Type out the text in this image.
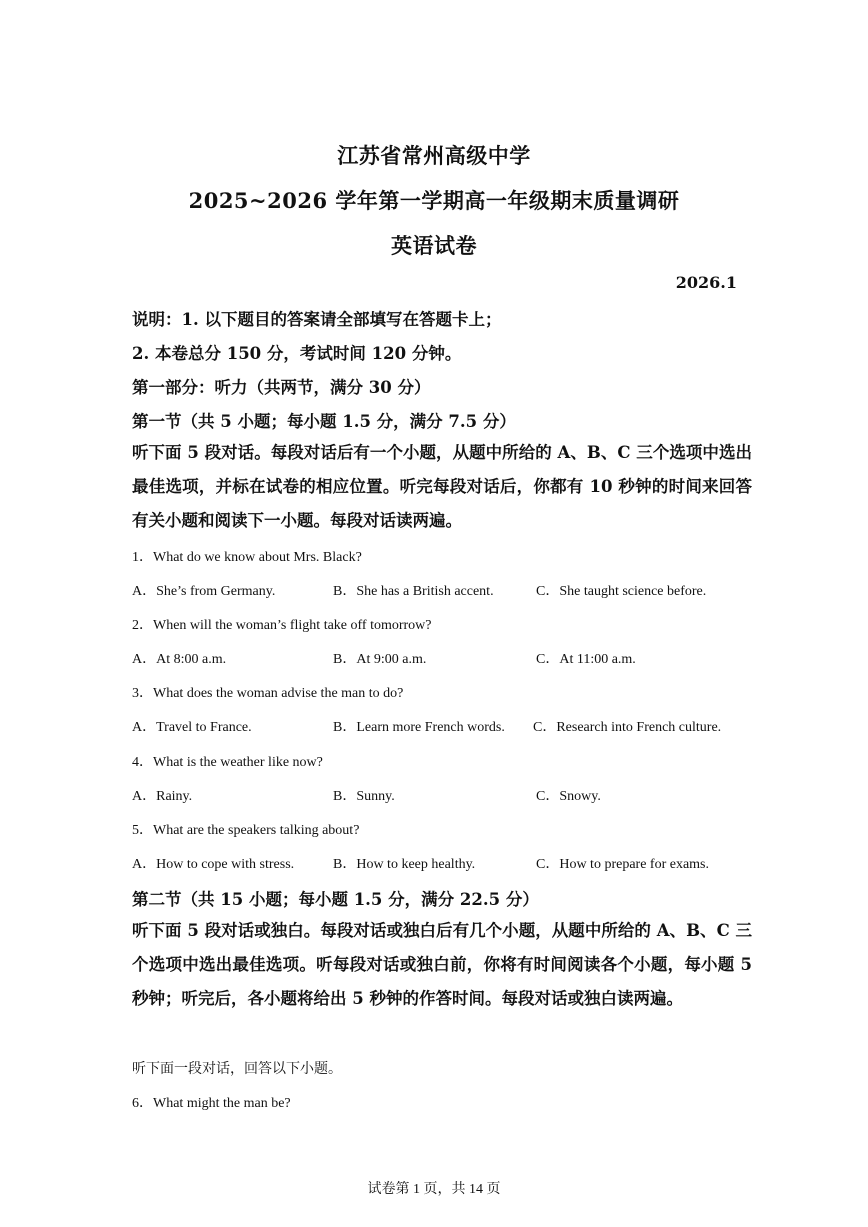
江苏省常州高级中学
2025~2026 学年第一学期高一年级期末质量调研
英语试卷
2026.1
说明：1. 以下题目的答案请全部填写在答题卡上；
2. 本卷总分 150 分，考试时间 120 分钟。
第一部分：听力（共两节，满分 30 分）
第一节（共 5 小题；每小题 1.5 分，满分 7.5 分）
听下面 5 段对话。每段对话后有一个小题，从题中所给的 A、B、C 三个选项中选出最佳选项，并标在试卷的相应位置。听完每段对话后，你都有 10 秒钟的时间来回答有关小题和阅读下一小题。每段对话读两遍。
1．What do we know about Mrs. Black?
A．She’s from Germany.	B．She has a British accent.	C．She taught science before.
2．When will the woman’s flight take off tomorrow?
A．At 8:00 a.m.	B．At 9:00 a.m.	C．At 11:00 a.m.
3．What does the woman advise the man to do?
A．Travel to France.	B．Learn more French words. C．Research into French culture.
4．What is the weather like now?
A．Rainy.	B．Sunny.	C．Snowy.
5．What are the speakers talking about?
A．How to cope with stress.	B．How to keep healthy.	C．How to prepare for exams.
第二节（共 15 小题；每小题 1.5 分，满分 22.5 分）
听下面 5 段对话或独白。每段对话或独白后有几个小题，从题中所给的 A、B、C 三个选项中选出最佳选项。听每段对话或独白前，你将有时间阅读各个小题，每小题 5 秒钟；听完后，各小题将给出 5 秒钟的作答时间。每段对话或独白读两遍。
听下面一段对话，回答以下小题。
6．What might the man be?
试卷第 1 页，共 14 页
